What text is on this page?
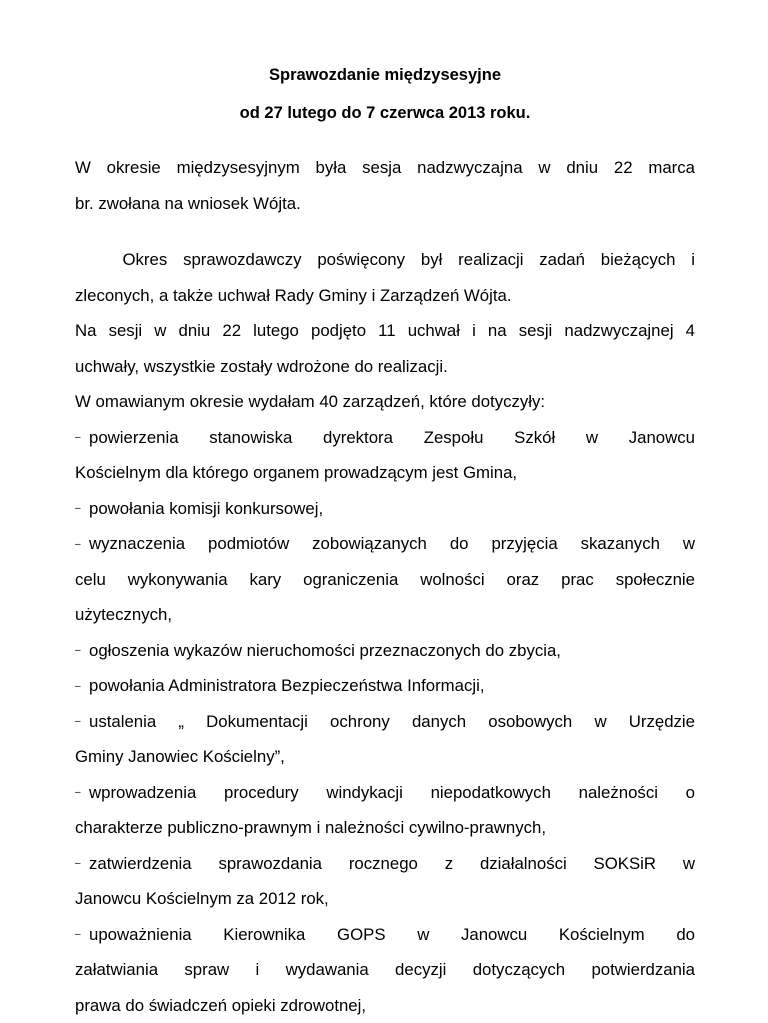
Sprawozdanie międzysesyjne

od 27 lutego do 7 czerwca 2013 roku.

W okresie międzysesyjnym była sesja nadzwyczajna w dniu 22 marca
br. zwołana na wniosek Wójta.
Okres sprawozdawczy poświęcony był realizacji zadań bieżących i
zleconych, a także uchwał Rady Gminy i Zarządzeń Wójta.
Na sesji w dniu 22 lutego podjęto 11 uchwał i na sesji nadzwyczajnej 4
uchwały, wszystkie zostały wdrożone do realizacji.
W omawianym okresie wydałam 40 zarządzeń, które dotyczyły:
– powierzenia stanowiska dyrektora Zespołu Szkół w Janowcu
Kościelnym dla którego organem prowadzącym jest Gmina,
– powołania komisji konkursowej,
– wyznaczenia podmiotów zobowiązanych do przyjęcia skazanych w
celu wykonywania kary ograniczenia wolności oraz prac społecznie
użytecznych,
– ogłoszenia wykazów nieruchomości przeznaczonych do zbycia,
– powołania Administratora Bezpieczeństwa Informacji,
– ustalenia „ Dokumentacji ochrony danych osobowych w Urzędzie
Gminy Janowiec Kościelny”,
– wprowadzenia procedury windykacji niepodatkowych należności o
charakterze publiczno-prawnym i należności cywilno-prawnych,
– zatwierdzenia sprawozdania rocznego z działalności SOKSiR w
Janowcu Kościelnym za 2012 rok,
– upoważnienia Kierownika GOPS w Janowcu Kościelnym do
załatwiania spraw i wydawania decyzji dotyczących potwierdzania
prawa do świadczeń opieki zdrowotnej,
